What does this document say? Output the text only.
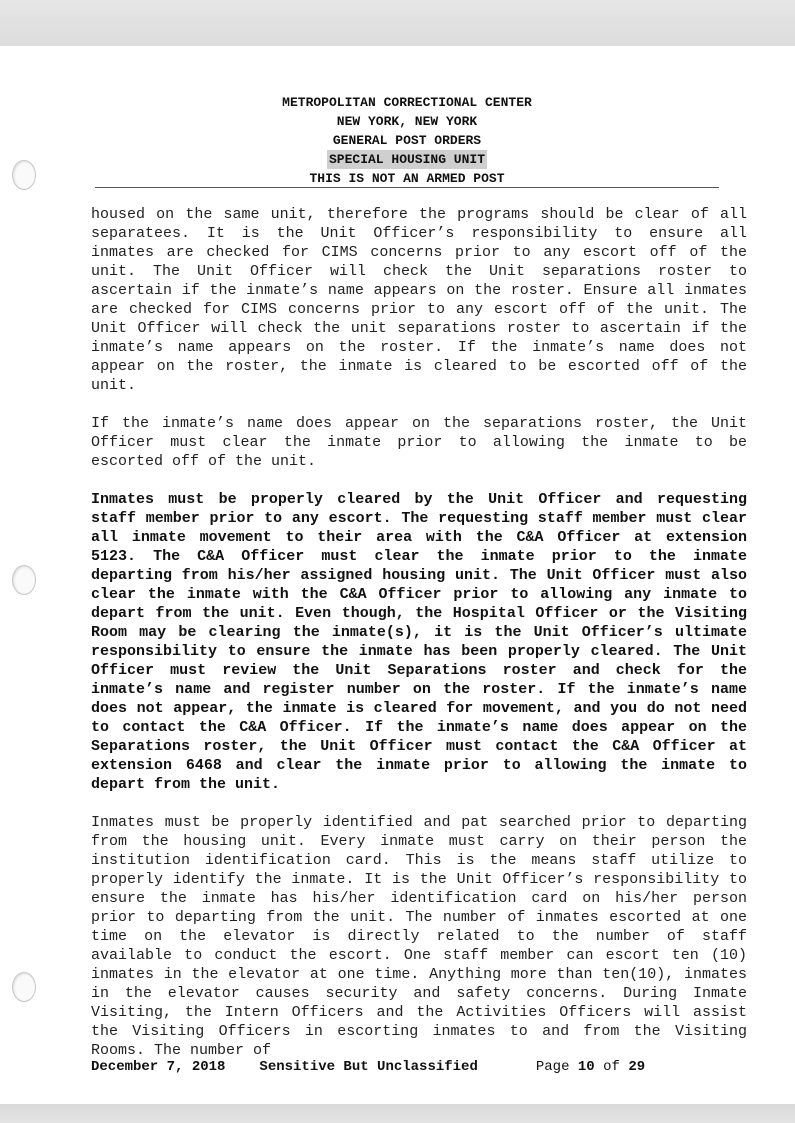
METROPOLITAN CORRECTIONAL CENTER
NEW YORK, NEW YORK
GENERAL POST ORDERS
SPECIAL HOUSING UNIT
THIS IS NOT AN ARMED POST

housed on the same unit, therefore the programs should be clear of all separatees. It is the Unit Officer’s responsibility to ensure all inmates are checked for CIMS concerns prior to any escort off of the unit. The Unit Officer will check the Unit separations roster to ascertain if the inmate’s name appears on the roster. Ensure all inmates are checked for CIMS concerns prior to any escort off of the unit. The Unit Officer will check the unit separations roster to ascertain if the inmate’s name appears on the roster. If the inmate’s name does not appear on the roster, the inmate is cleared to be escorted off of the unit.

If the inmate’s name does appear on the separations roster, the Unit Officer must clear the inmate prior to allowing the inmate to be escorted off of the unit.

Inmates must be properly cleared by the Unit Officer and requesting staff member prior to any escort. The requesting staff member must clear all inmate movement to their area with the C&A Officer at extension 5123. The C&A Officer must clear the inmate prior to the inmate departing from his/her assigned housing unit. The Unit Officer must also clear the inmate with the C&A Officer prior to allowing any inmate to depart from the unit. Even though, the Hospital Officer or the Visiting Room may be clearing the inmate(s), it is the Unit Officer’s ultimate responsibility to ensure the inmate has been properly cleared. The Unit Officer must review the Unit Separations roster and check for the inmate’s name and register number on the roster. If the inmate’s name does not appear, the inmate is cleared for movement, and you do not need to contact the C&A Officer. If the inmate’s name does appear on the Separations roster, the Unit Officer must contact the C&A Officer at extension 6468 and clear the inmate prior to allowing the inmate to depart from the unit.

Inmates must be properly identified and pat searched prior to departing from the housing unit. Every inmate must carry on their person the institution identification card. This is the means staff utilize to properly identify the inmate. It is the Unit Officer’s responsibility to ensure the inmate has his/her identification card on his/her person prior to departing from the unit. The number of inmates escorted at one time on the elevator is directly related to the number of staff available to conduct the escort. One staff member can escort ten (10) inmates in the elevator at one time. Anything more than ten(10), inmates in the elevator causes security and safety concerns. During Inmate Visiting, the Intern Officers and the Activities Officers will assist the Visiting Officers in escorting inmates to and from the Visiting Rooms. The number of

December 7, 2018 Sensitive But Unclassified	Page 10 of 29
